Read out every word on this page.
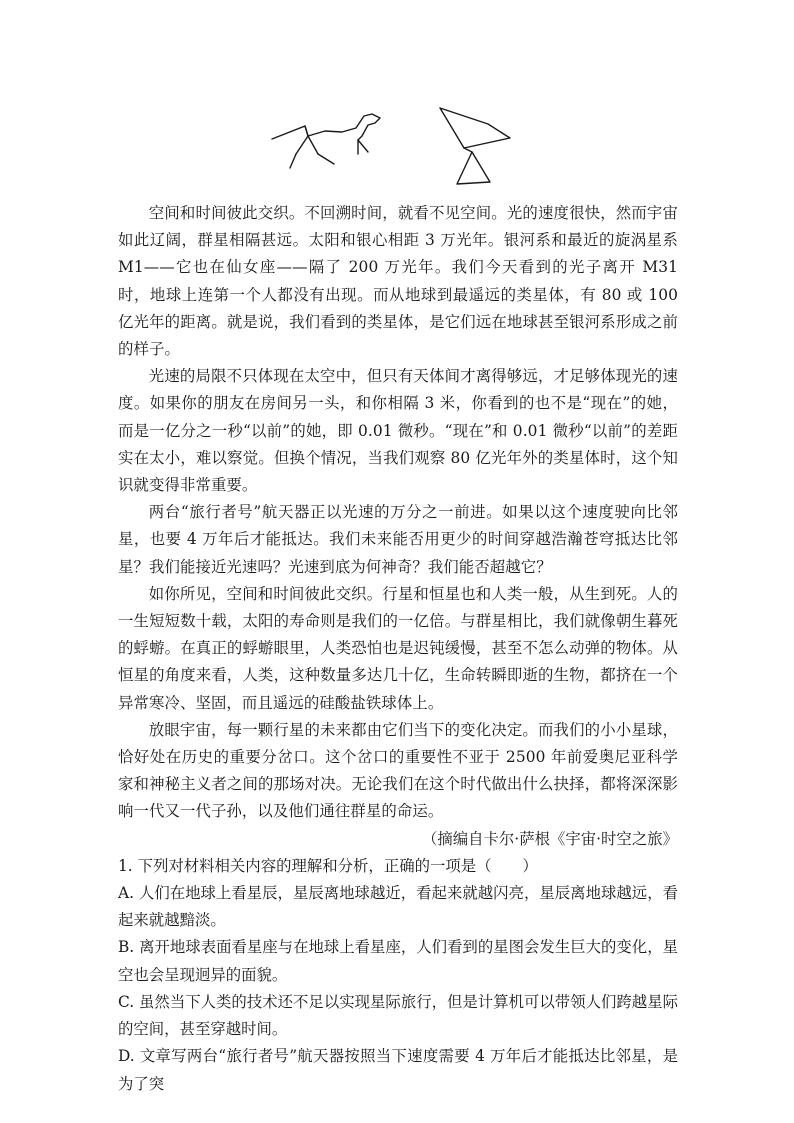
空间和时间彼此交织。不回溯时间，就看不见空间。光的速度很快，然而宇宙如此辽阔，群星相隔甚远。太阳和银心相距 3 万光年。银河系和最近的旋涡星系 M1——它也在仙女座——隔了 200 万光年。我们今天看到的光子离开 M31 时，地球上连第一个人都没有出现。而从地球到最遥远的类星体，有 80 或 100 亿光年的距离。就是说，我们看到的类星体，是它们远在地球甚至银河系形成之前的样子。

光速的局限不只体现在太空中，但只有天体间才离得够远，才足够体现光的速度。如果你的朋友在房间另一头，和你相隔 3 米，你看到的也不是“现在”的她，而是一亿分之一秒“以前”的她，即 0.01 微秒。“现在”和 0.01 微秒“以前”的差距实在太小，难以察觉。但换个情况，当我们观察 80 亿光年外的类星体时，这个知识就变得非常重要。

两台“旅行者号”航天器正以光速的万分之一前进。如果以这个速度驶向比邻星，也要 4 万年后才能抵达。我们未来能否用更少的时间穿越浩瀚苍穹抵达比邻星？我们能接近光速吗？光速到底为何神奇？我们能否超越它？

如你所见，空间和时间彼此交织。行星和恒星也和人类一般，从生到死。人的一生短短数十载，太阳的寿命则是我们的一亿倍。与群星相比，我们就像朝生暮死的蜉蝣。在真正的蜉蝣眼里，人类恐怕也是迟钝缓慢，甚至不怎么动弹的物体。从恒星的角度来看，人类，这种数量多达几十亿，生命转瞬即逝的生物，都挤在一个异常寒冷、坚固，而且遥远的硅酸盐铁球体上。

放眼宇宙，每一颗行星的未来都由它们当下的变化决定。而我们的小小星球，恰好处在历史的重要分岔口。这个岔口的重要性不亚于 2500 年前爱奥尼亚科学家和神秘主义者之间的那场对决。无论我们在这个时代做出什么抉择，都将深深影响一代又一代子孙，以及他们通往群星的命运。

（摘编自卡尔·萨根《宇宙·时空之旅》

1. 下列对材料相关内容的理解和分析，正确的一项是（　　）

A. 人们在地球上看星辰，星辰离地球越近，看起来就越闪亮，星辰离地球越远，看起来就越黯淡。

B. 离开地球表面看星座与在地球上看星座，人们看到的星图会发生巨大的变化，星空也会呈现迥异的面貌。

C. 虽然当下人类的技术还不足以实现星际旅行，但是计算机可以带领人们跨越星际的空间，甚至穿越时间。

D. 文章写两台“旅行者号”航天器按照当下速度需要 4 万年后才能抵达比邻星，是为了突
